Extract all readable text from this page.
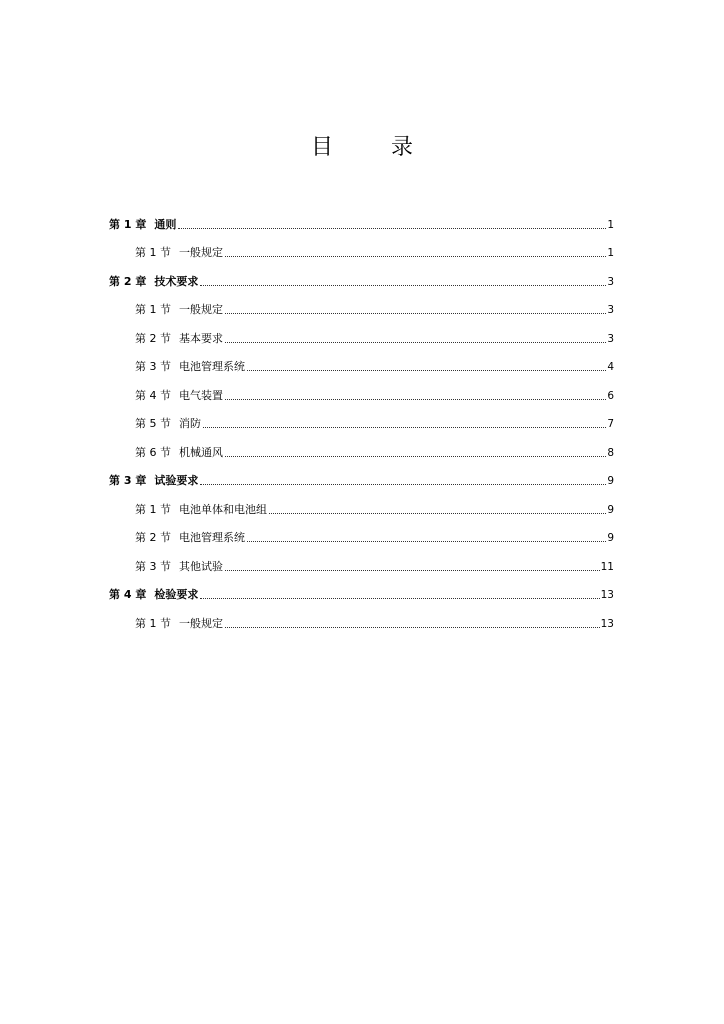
目　录
第 1 章 通则	1
第 1 节 一般规定	1
第 2 章 技术要求	3
第 1 节 一般规定	3
第 2 节 基本要求	3
第 3 节 电池管理系统	4
第 4 节 电气装置	6
第 5 节 消防	7
第 6 节 机械通风	8
第 3 章 试验要求	9
第 1 节 电池单体和电池组	9
第 2 节 电池管理系统	9
第 3 节 其他试验	11
第 4 章 检验要求	13
第 1 节 一般规定	13
